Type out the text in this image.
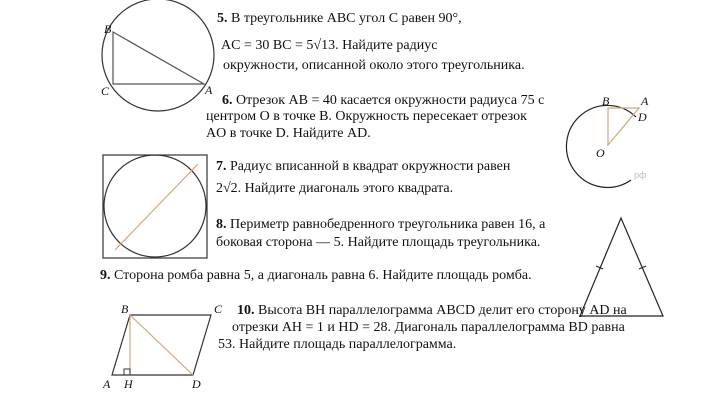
B
C	A
B	A
D
O
рф
B	C
A H	D
5. В треугольнике ABC угол C равен 90°,
AC = 30 BC = 5√13. Найдите радиус
окружности, описанной около этого треугольника.
6. Отрезок AB = 40 касается окружности радиуса 75 с
центром O в точке B. Окружность пересекает отрезок
AO в точке D. Найдите AD.
7. Радиус вписанной в квадрат окружности равен
2√2. Найдите диагональ этого квадрата.
8. Периметр равнобедренного треугольника равен 16, а
боковая сторона — 5. Найдите площадь треугольника.
9. Сторона ромба равна 5, а диагональ равна 6. Найдите площадь ромба.
10. Высота BH параллелограмма ABCD делит его сторону AD на
отрезки AH = 1 и HD = 28. Диагональ параллелограмма BD равна
53. Найдите площадь параллелограмма.
